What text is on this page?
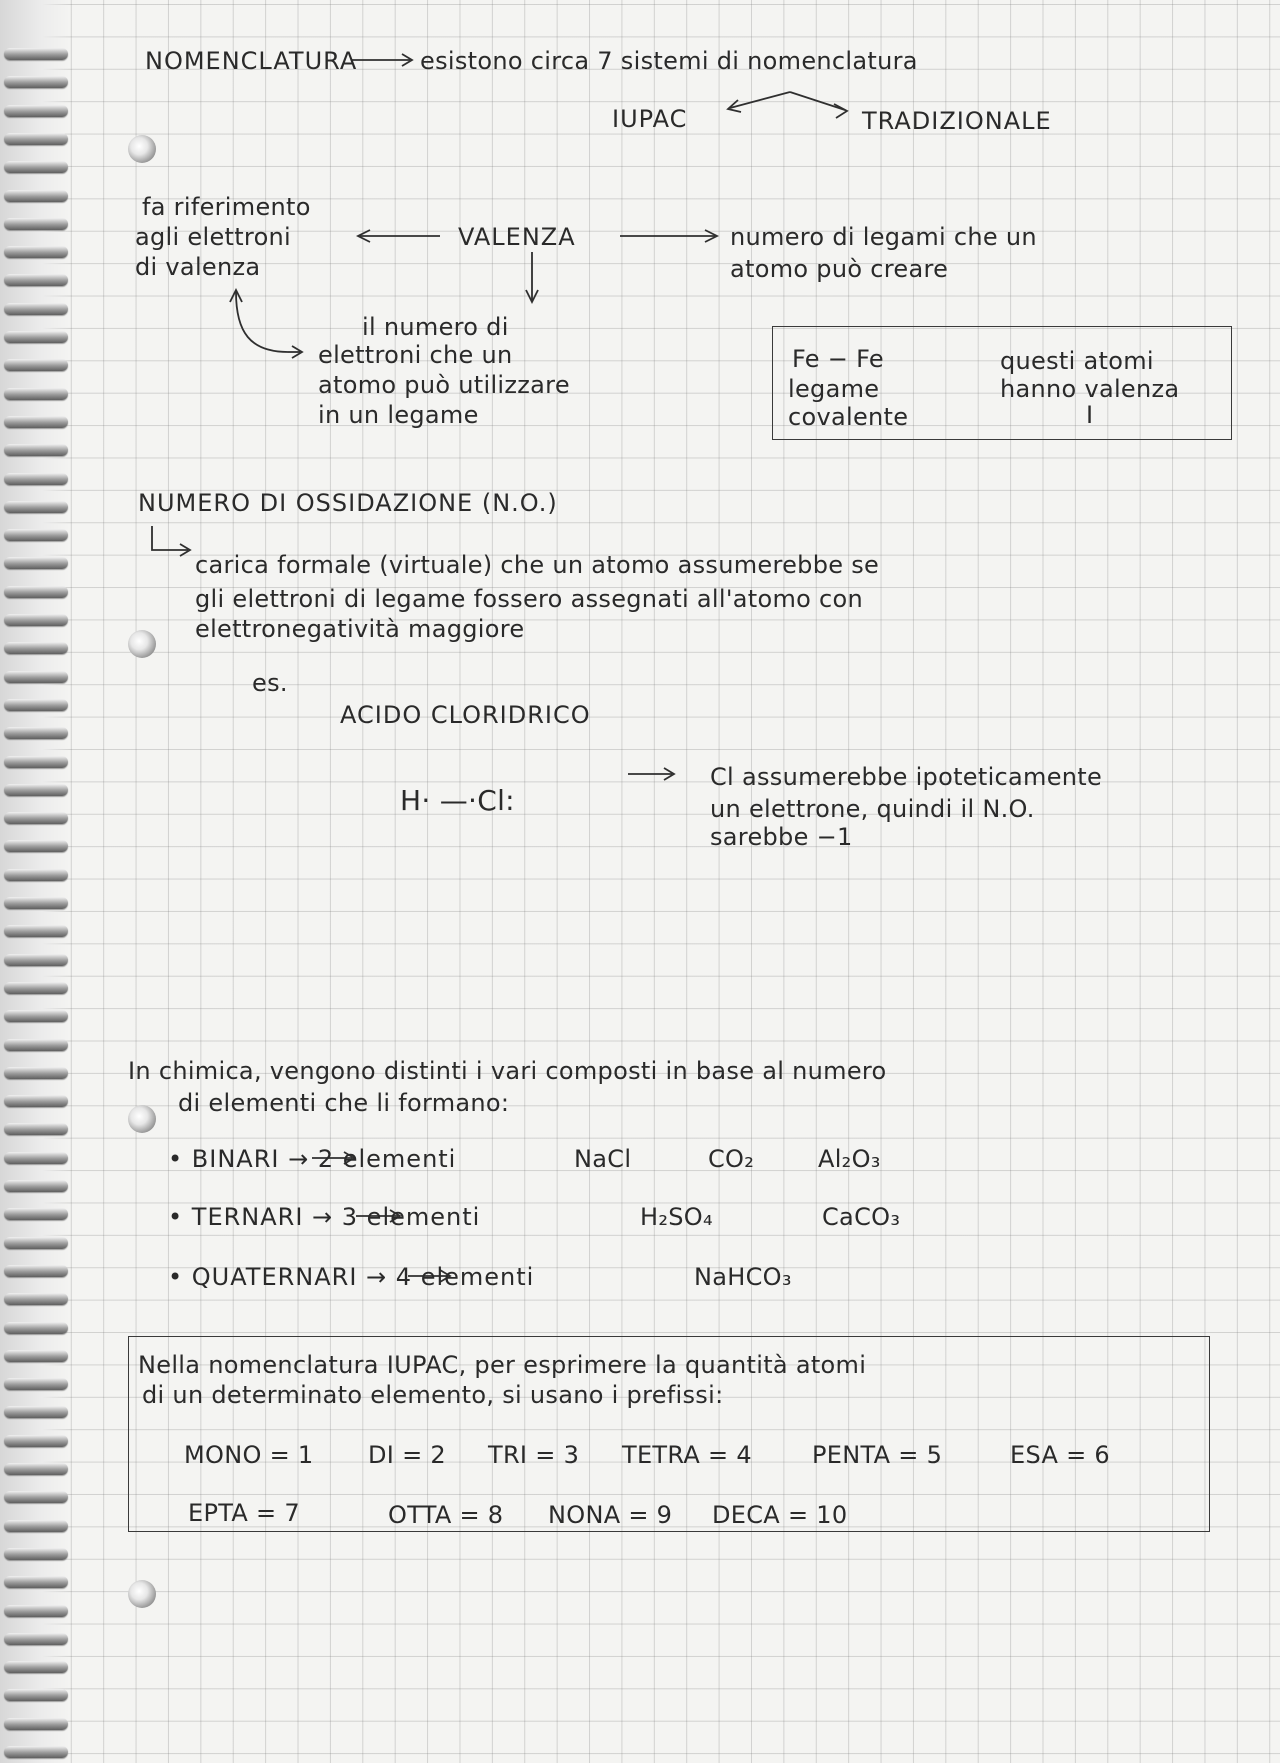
NOMENCLATURA	esistono circa 7 sistemi di nomenclatura
IUPAC	TRADIZIONALE
fa riferimento
agli elettroni
di valenza
VALENZA	numero di legami che un
atomo può creare
il numero di
elettroni che un
atomo può utilizzare
in un legame
Fe − Fe
legame
covalente
questi atomi
hanno valenza
I
NUMERO DI OSSIDAZIONE (N.O.)
carica formale (virtuale) che un atomo assumerebbe se
gli elettroni di legame fossero assegnati all'atomo con
elettronegatività maggiore
es.
ACIDO CLORIDRICO
H· —·Cl:
Cl assumerebbe ipoteticamente
un elettrone, quindi il N.O.
sarebbe −1
In chimica, vengono distinti i vari composti in base al numero
di elementi che li formano:
• BINARI → 2 elementi	NaCl	CO₂	Al₂O₃
• TERNARI → 3 elementi	H₂SO₄	CaCO₃
• QUATERNARI → 4 elementi	NaHCO₃
Nella nomenclatura IUPAC, per esprimere la quantità atomi
di un determinato elemento, si usano i prefissi:
MONO = 1 DI = 2 TRI = 3 TETRA = 4	PENTA = 5	ESA = 6
EPTA = 7	OTTA = 8 NONA = 9 DECA = 10
